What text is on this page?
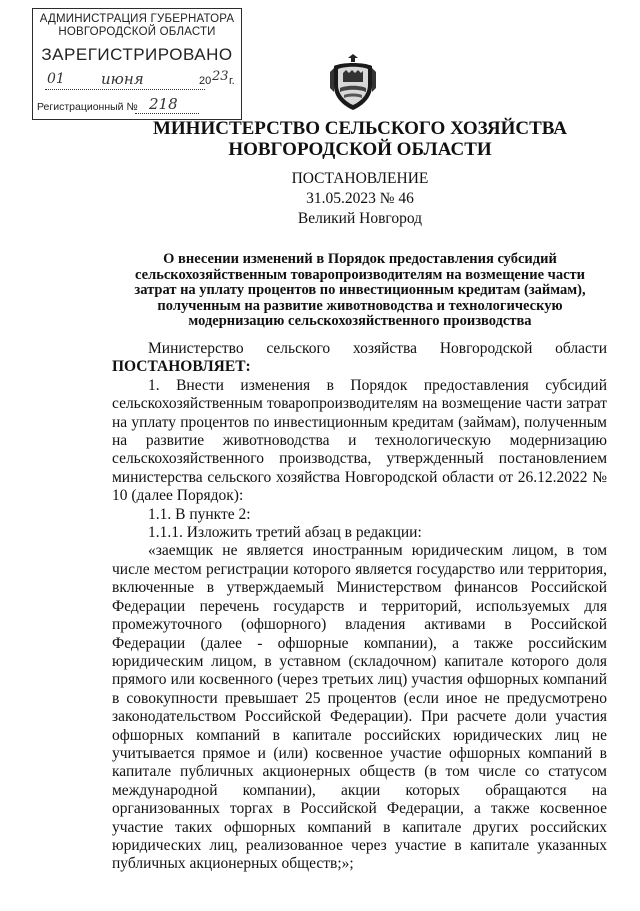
АДМИНИСТРАЦИЯ ГУБЕРНАТОРА
НОВГОРОДСКОЙ ОБЛАСТИ
ЗАРЕГИСТРИРОВАНО
01 июня	20 23 г.
Регистрационный № 218
МИНИСТЕРСТВО СЕЛЬСКОГО ХОЗЯЙСТВА
НОВГОРОДСКОЙ ОБЛАСТИ
ПОСТАНОВЛЕНИЕ
31.05.2023 № 46
Великий Новгород
О внесении изменений в Порядок предоставления субсидий
сельскохозяйственным товаропроизводителям на возмещение части
затрат на уплату процентов по инвестиционным кредитам (займам),
полученным на развитие животноводства и технологическую
модернизацию сельскохозяйственного производства

Министерство сельского хозяйства Новгородской области

ПОСТАНОВЛЯЕТ:

1. Внести изменения в Порядок предоставления субсидий сельскохозяйственным товаропроизводителям на возмещение части затрат на уплату процентов по инвестиционным кредитам (займам), полученным на развитие животноводства и технологическую модернизацию сельскохозяйственного производства, утвержденный постановлением министерства сельского хозяйства Новгородской области от 26.12.2022 № 10 (далее Порядок):

1.1. В пункте 2:

1.1.1. Изложить третий абзац в редакции:

«заемщик не является иностранным юридическим лицом, в том числе местом регистрации которого является государство или территория, включенные в утверждаемый Министерством финансов Российской Федерации перечень государств и территорий, используемых для промежуточного (офшорного) владения активами в Российской Федерации (далее - офшорные компании), а также российским юридическим лицом, в уставном (складочном) капитале которого доля прямого или косвенного (через третьих лиц) участия офшорных компаний в совокупности превышает 25 процентов (если иное не предусмотрено законодательством Российской Федерации). При расчете доли участия офшорных компаний в капитале российских юридических лиц не учитывается прямое и (или) косвенное участие офшорных компаний в капитале публичных акционерных обществ (в том числе со статусом международной компании), акции которых обращаются на организованных торгах в Российской Федерации, а также косвенное участие таких офшорных компаний в капитале других российских юридических лиц, реализованное через участие в капитале указанных публичных акционерных обществ;»;
